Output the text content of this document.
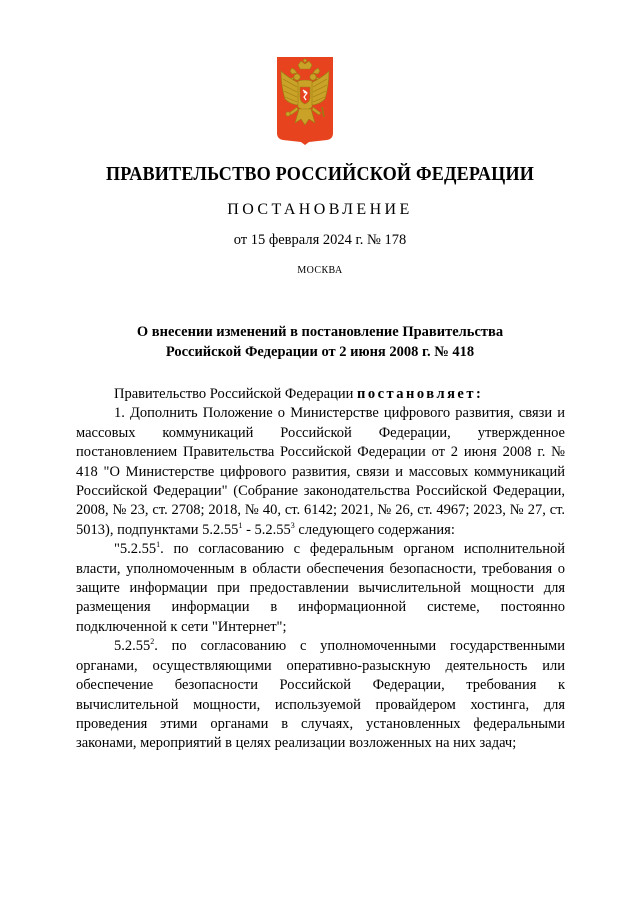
ПРАВИТЕЛЬСТВО РОССИЙСКОЙ ФЕДЕРАЦИИ
ПОСТАНОВЛЕНИЕ
от 15 февраля 2024 г. № 178
МОСКВА
О внесении изменений в постановление Правительства
Российской Федерации от 2 июня 2008 г. № 418

Правительство Российской Федерации постановляет:

1. Дополнить Положение о Министерстве цифрового развития, связи и массовых коммуникаций Российской Федерации, утвержденное постановлением Правительства Российской Федерации от 2 июня 2008 г. № 418 "О Министерстве цифрового развития, связи и массовых коммуникаций Российской Федерации" (Собрание законодательства Российской Федерации, 2008, № 23, ст. 2708; 2018, № 40, ст. 6142; 2021, № 26, ст. 4967; 2023, № 27, ст. 5013), подпунктами 5.2.55$^1$ - 5.2.55$^3$ следующего содержания:

"5.2.55$^1$. по согласованию с федеральным органом исполнительной власти, уполномоченным в области обеспечения безопасности, требования о защите информации при предоставлении вычислительной мощности для размещения информации в информационной системе, постоянно подключенной к сети "Интернет";

5.2.55$^2$. по согласованию с уполномоченными государственными органами, осуществляющими оперативно-разыскную деятельность или обеспечение безопасности Российской Федерации, требования к вычислительной мощности, используемой провайдером хостинга, для проведения этими органами в случаях, установленных федеральными законами, мероприятий в целях реализации возложенных на них задач;
